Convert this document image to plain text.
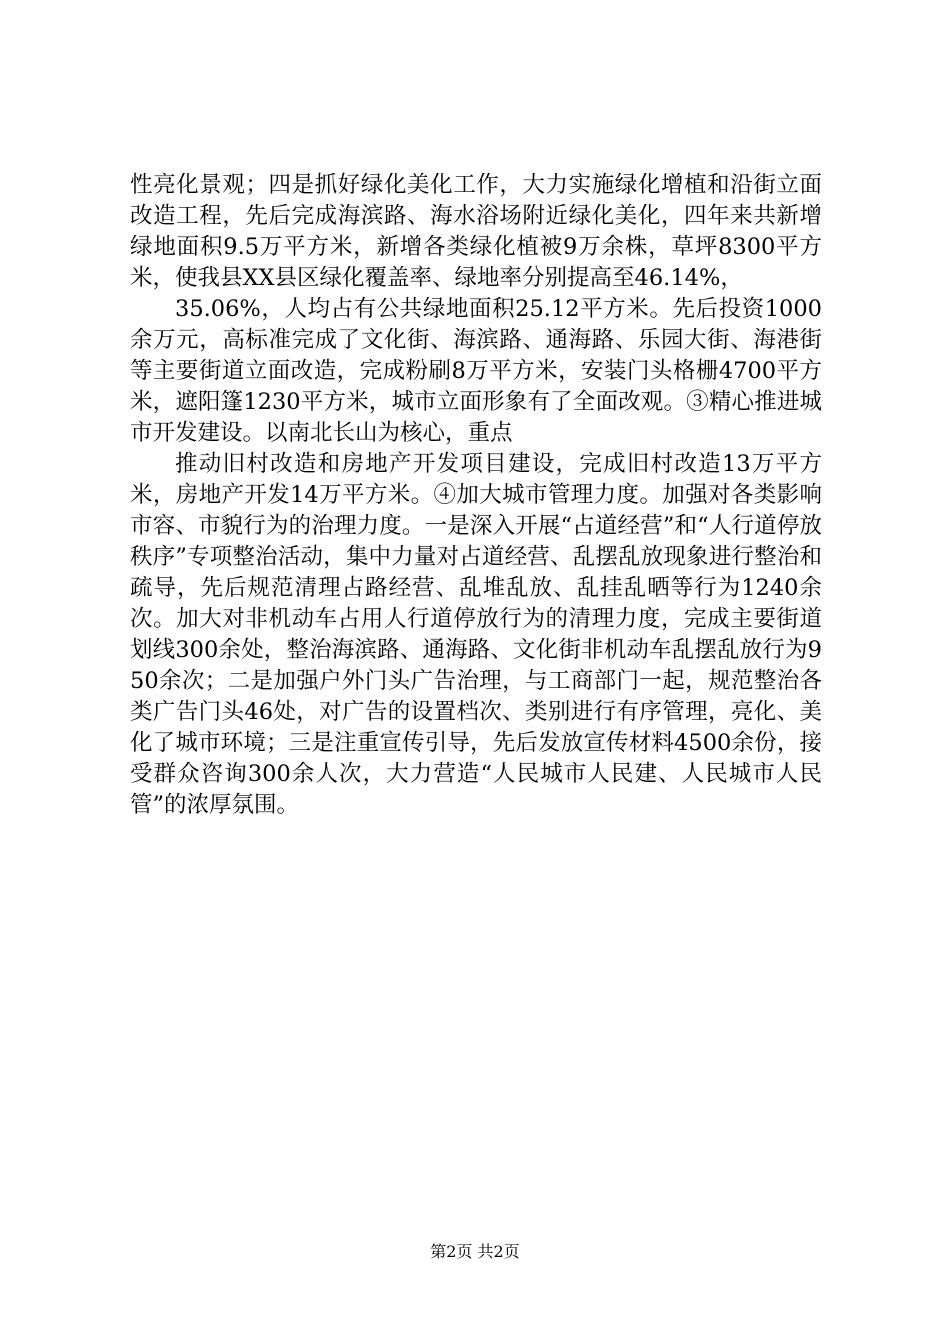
性亮化景观；四是抓好绿化美化工作，大力实施绿化增植和沿街立面改造工程，先后完成海滨路、海水浴场附近绿化美化，四年来共新增绿地面积9.5万平方米，新增各类绿化植被9万余株，草坪8300平方米，使我县XX县区绿化覆盖率、绿地率分别提高至46.14%，

35.06%，人均占有公共绿地面积25.12平方米。先后投资1000余万元，高标准完成了文化街、海滨路、通海路、乐园大街、海港街等主要街道立面改造，完成粉刷8万平方米，安装门头格栅4700平方米，遮阳篷1230平方米，城市立面形象有了全面改观。③精心推进城市开发建设。以南北长山为核心，重点

推动旧村改造和房地产开发项目建设，完成旧村改造13万平方米，房地产开发14万平方米。④加大城市管理力度。加强对各类影响市容、市貌行为的治理力度。一是深入开展“占道经营”和“人行道停放秩序”专项整治活动，集中力量对占道经营、乱摆乱放现象进行整治和疏导，先后规范清理占路经营、乱堆乱放、乱挂乱晒等行为1240余次。加大对非机动车占用人行道停放行为的清理力度，完成主要街道划线300余处，整治海滨路、通海路、文化街非机动车乱摆乱放行为950余次；二是加强户外门头广告治理，与工商部门一起，规范整治各类广告门头46处，对广告的设置档次、类别进行有序管理，亮化、美化了城市环境；三是注重宣传引导，先后发放宣传材料4500余份，接受群众咨询300余人次，大力营造“人民城市人民建、人民城市人民管”的浓厚氛围。

第2页 共2页
